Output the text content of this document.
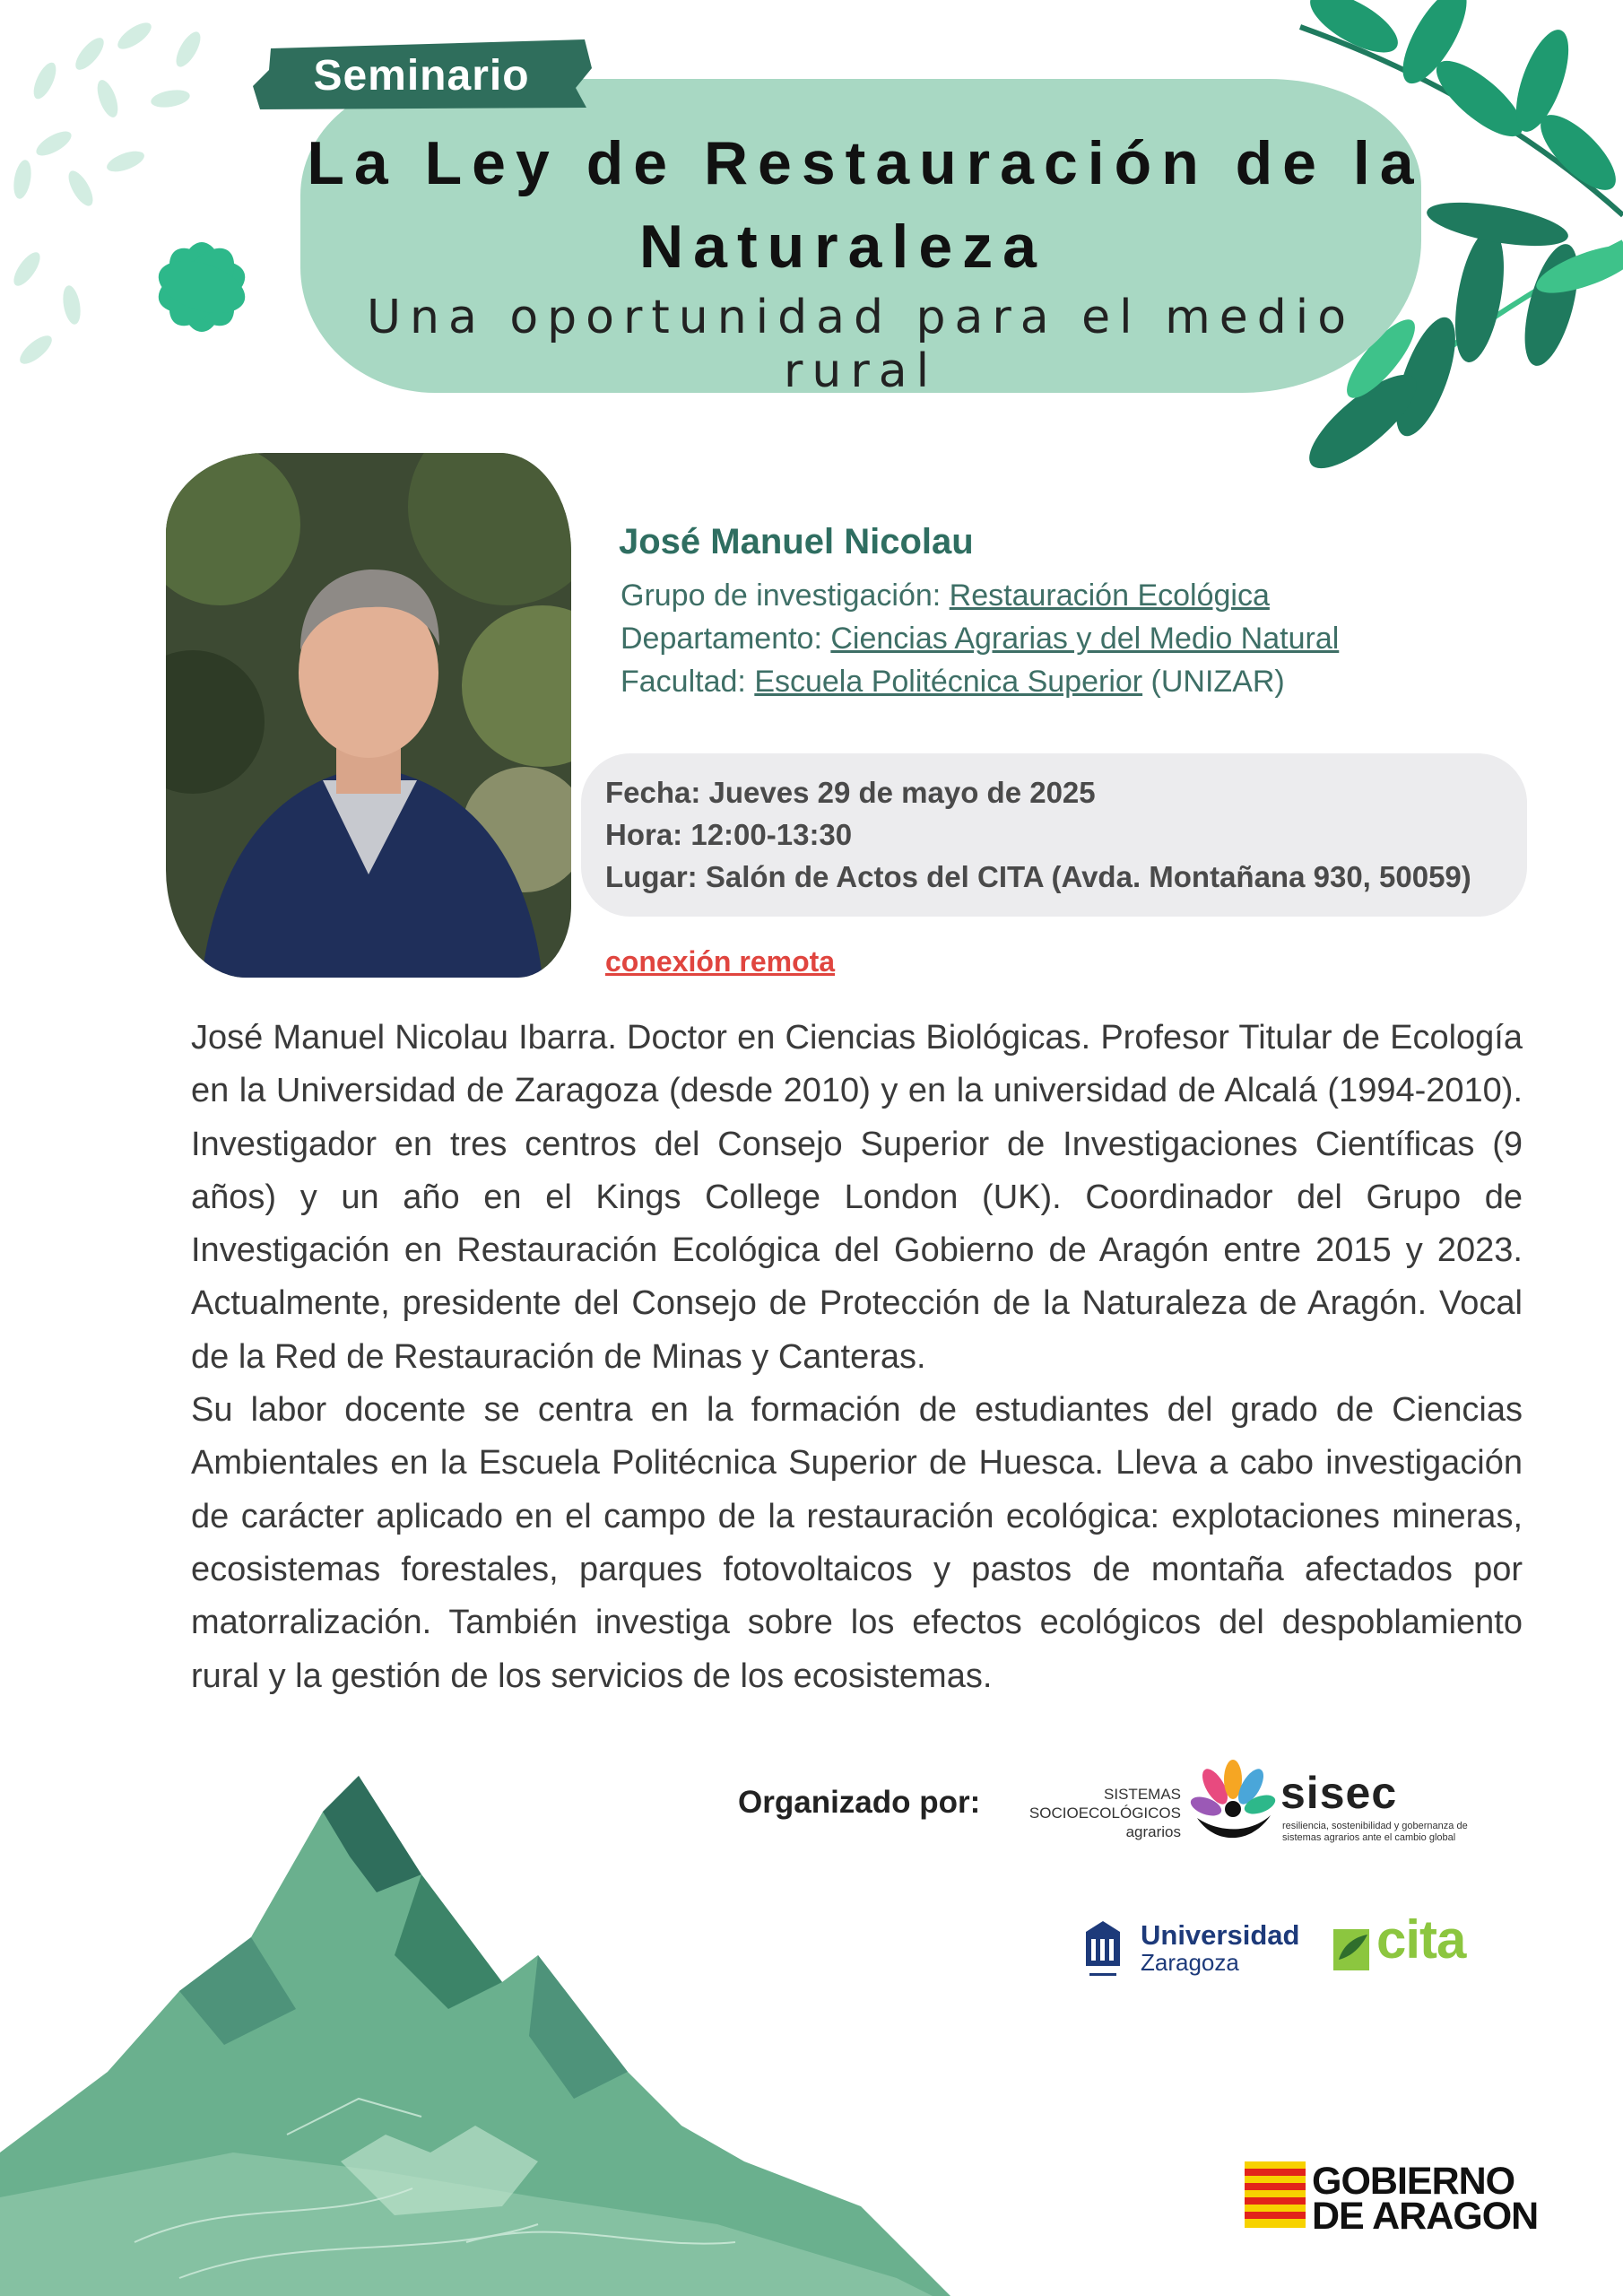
Seminario
La Ley de Restauración de la
Naturaleza
Una oportunidad para el medio rural
José Manuel Nicolau
Grupo de investigación: Restauración Ecológica
Departamento: Ciencias Agrarias y del Medio Natural
Facultad: Escuela Politécnica Superior (UNIZAR)
Fecha: Jueves 29 de mayo de 2025
Hora: 12:00-13:30
Lugar: Salón de Actos del CITA (Avda. Montañana 930, 50059)
conexión remota

José Manuel Nicolau Ibarra. Doctor en Ciencias Biológicas. Profesor Titular de Ecología en la Universidad de Zaragoza (desde 2010) y en la universidad de Alcalá (1994-2010). Investigador en tres centros del Consejo Superior de Investigaciones Científicas (9 años) y un año en el Kings College London (UK). Coordinador del Grupo de Investigación en Restauración Ecológica del Gobierno de Aragón entre 2015 y 2023. Actualmente, presidente del Consejo de Protección de la Naturaleza de Aragón. Vocal de la Red de Restauración de Minas y Canteras.

Su labor docente se centra en la formación de estudiantes del grado de Ciencias Ambientales en la Escuela Politécnica Superior de Huesca. Lleva a cabo investigación de carácter aplicado en el campo de la restauración ecológica: explotaciones mineras, ecosistemas forestales, parques fotovoltaicos y pastos de montaña afectados por matorralización. También investiga sobre los efectos ecológicos del despoblamiento rural y la gestión de los servicios de los ecosistemas.

Organizado por:	SISTEMAS
SOCIOECOLÓGICOS
agrarios
sisec
resiliencia, sostenibilidad y gobernanza de sistemas agrarios ante el cambio global
Universidad
Zaragoza	cita
GOBIERNO
DE ARAGON
